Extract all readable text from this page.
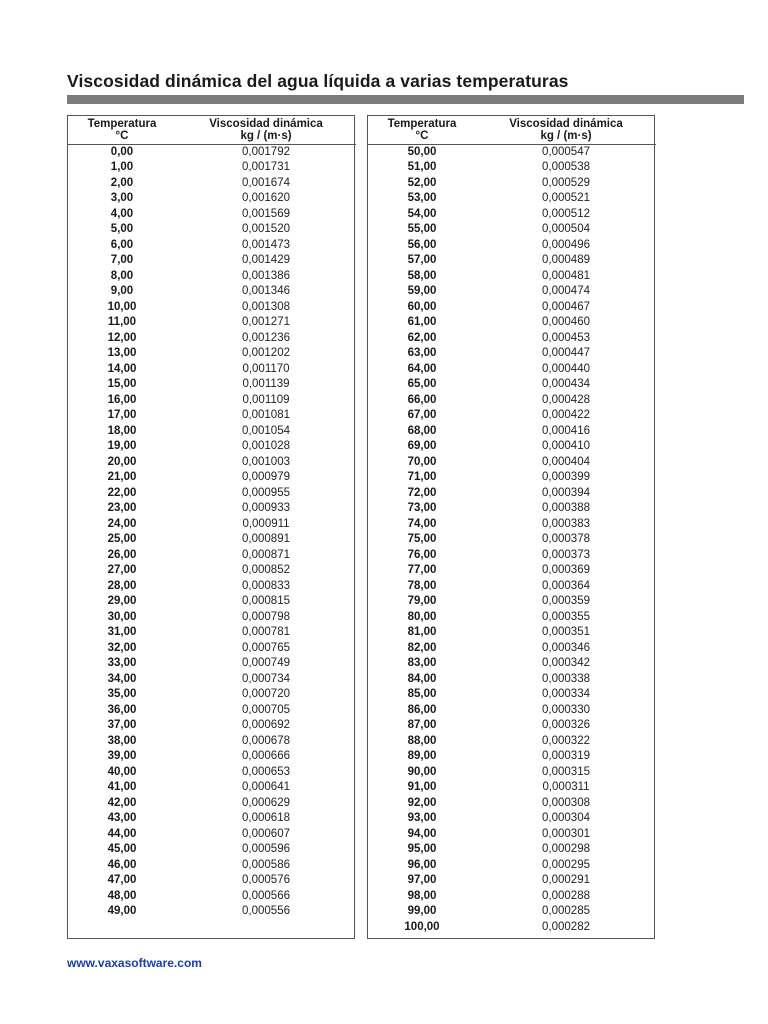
Viscosidad dinámica del agua líquida a varias temperaturas
Temperatura
°C	Viscosidad dinámica
kg / (m·s)

0,00	0,001792
1,00	0,001731
2,00	0,001674
3,00	0,001620
4,00	0,001569
5,00	0,001520
6,00	0,001473
7,00	0,001429
8,00	0,001386
9,00	0,001346
10,00	0,001308
11,00	0,001271
12,00	0,001236
13,00	0,001202
14,00	0,001170
15,00	0,001139
16,00	0,001109
17,00	0,001081
18,00	0,001054
19,00	0,001028
20,00	0,001003
21,00	0,000979
22,00	0,000955
23,00	0,000933
24,00	0,000911
25,00	0,000891
26,00	0,000871
27,00	0,000852
28,00	0,000833
29,00	0,000815
30,00	0,000798
31,00	0,000781
32,00	0,000765
33,00	0,000749
34,00	0,000734
35,00	0,000720
36,00	0,000705
37,00	0,000692
38,00	0,000678
39,00	0,000666
40,00	0,000653
41,00	0,000641
42,00	0,000629
43,00	0,000618
44,00	0,000607
45,00	0,000596
46,00	0,000586
47,00	0,000576
48,00	0,000566
49,00	0,000556
Temperatura
°C	Viscosidad dinámica
kg / (m·s)

50,00	0,000547
51,00	0,000538
52,00	0,000529
53,00	0,000521
54,00	0,000512
55,00	0,000504
56,00	0,000496
57,00	0,000489
58,00	0,000481
59,00	0,000474
60,00	0,000467
61,00	0,000460
62,00	0,000453
63,00	0,000447
64,00	0,000440
65,00	0,000434
66,00	0,000428
67,00	0,000422
68,00	0,000416
69,00	0,000410
70,00	0,000404
71,00	0,000399
72,00	0,000394
73,00	0,000388
74,00	0,000383
75,00	0,000378
76,00	0,000373
77,00	0,000369
78,00	0,000364
79,00	0,000359
80,00	0,000355
81,00	0,000351
82,00	0,000346
83,00	0,000342
84,00	0,000338
85,00	0,000334
86,00	0,000330
87,00	0,000326
88,00	0,000322
89,00	0,000319
90,00	0,000315
91,00	0,000311
92,00	0,000308
93,00	0,000304
94,00	0,000301
95,00	0,000298
96,00	0,000295
97,00	0,000291
98,00	0,000288
99,00	0,000285
100,00	0,000282
www.vaxasoftware.com
